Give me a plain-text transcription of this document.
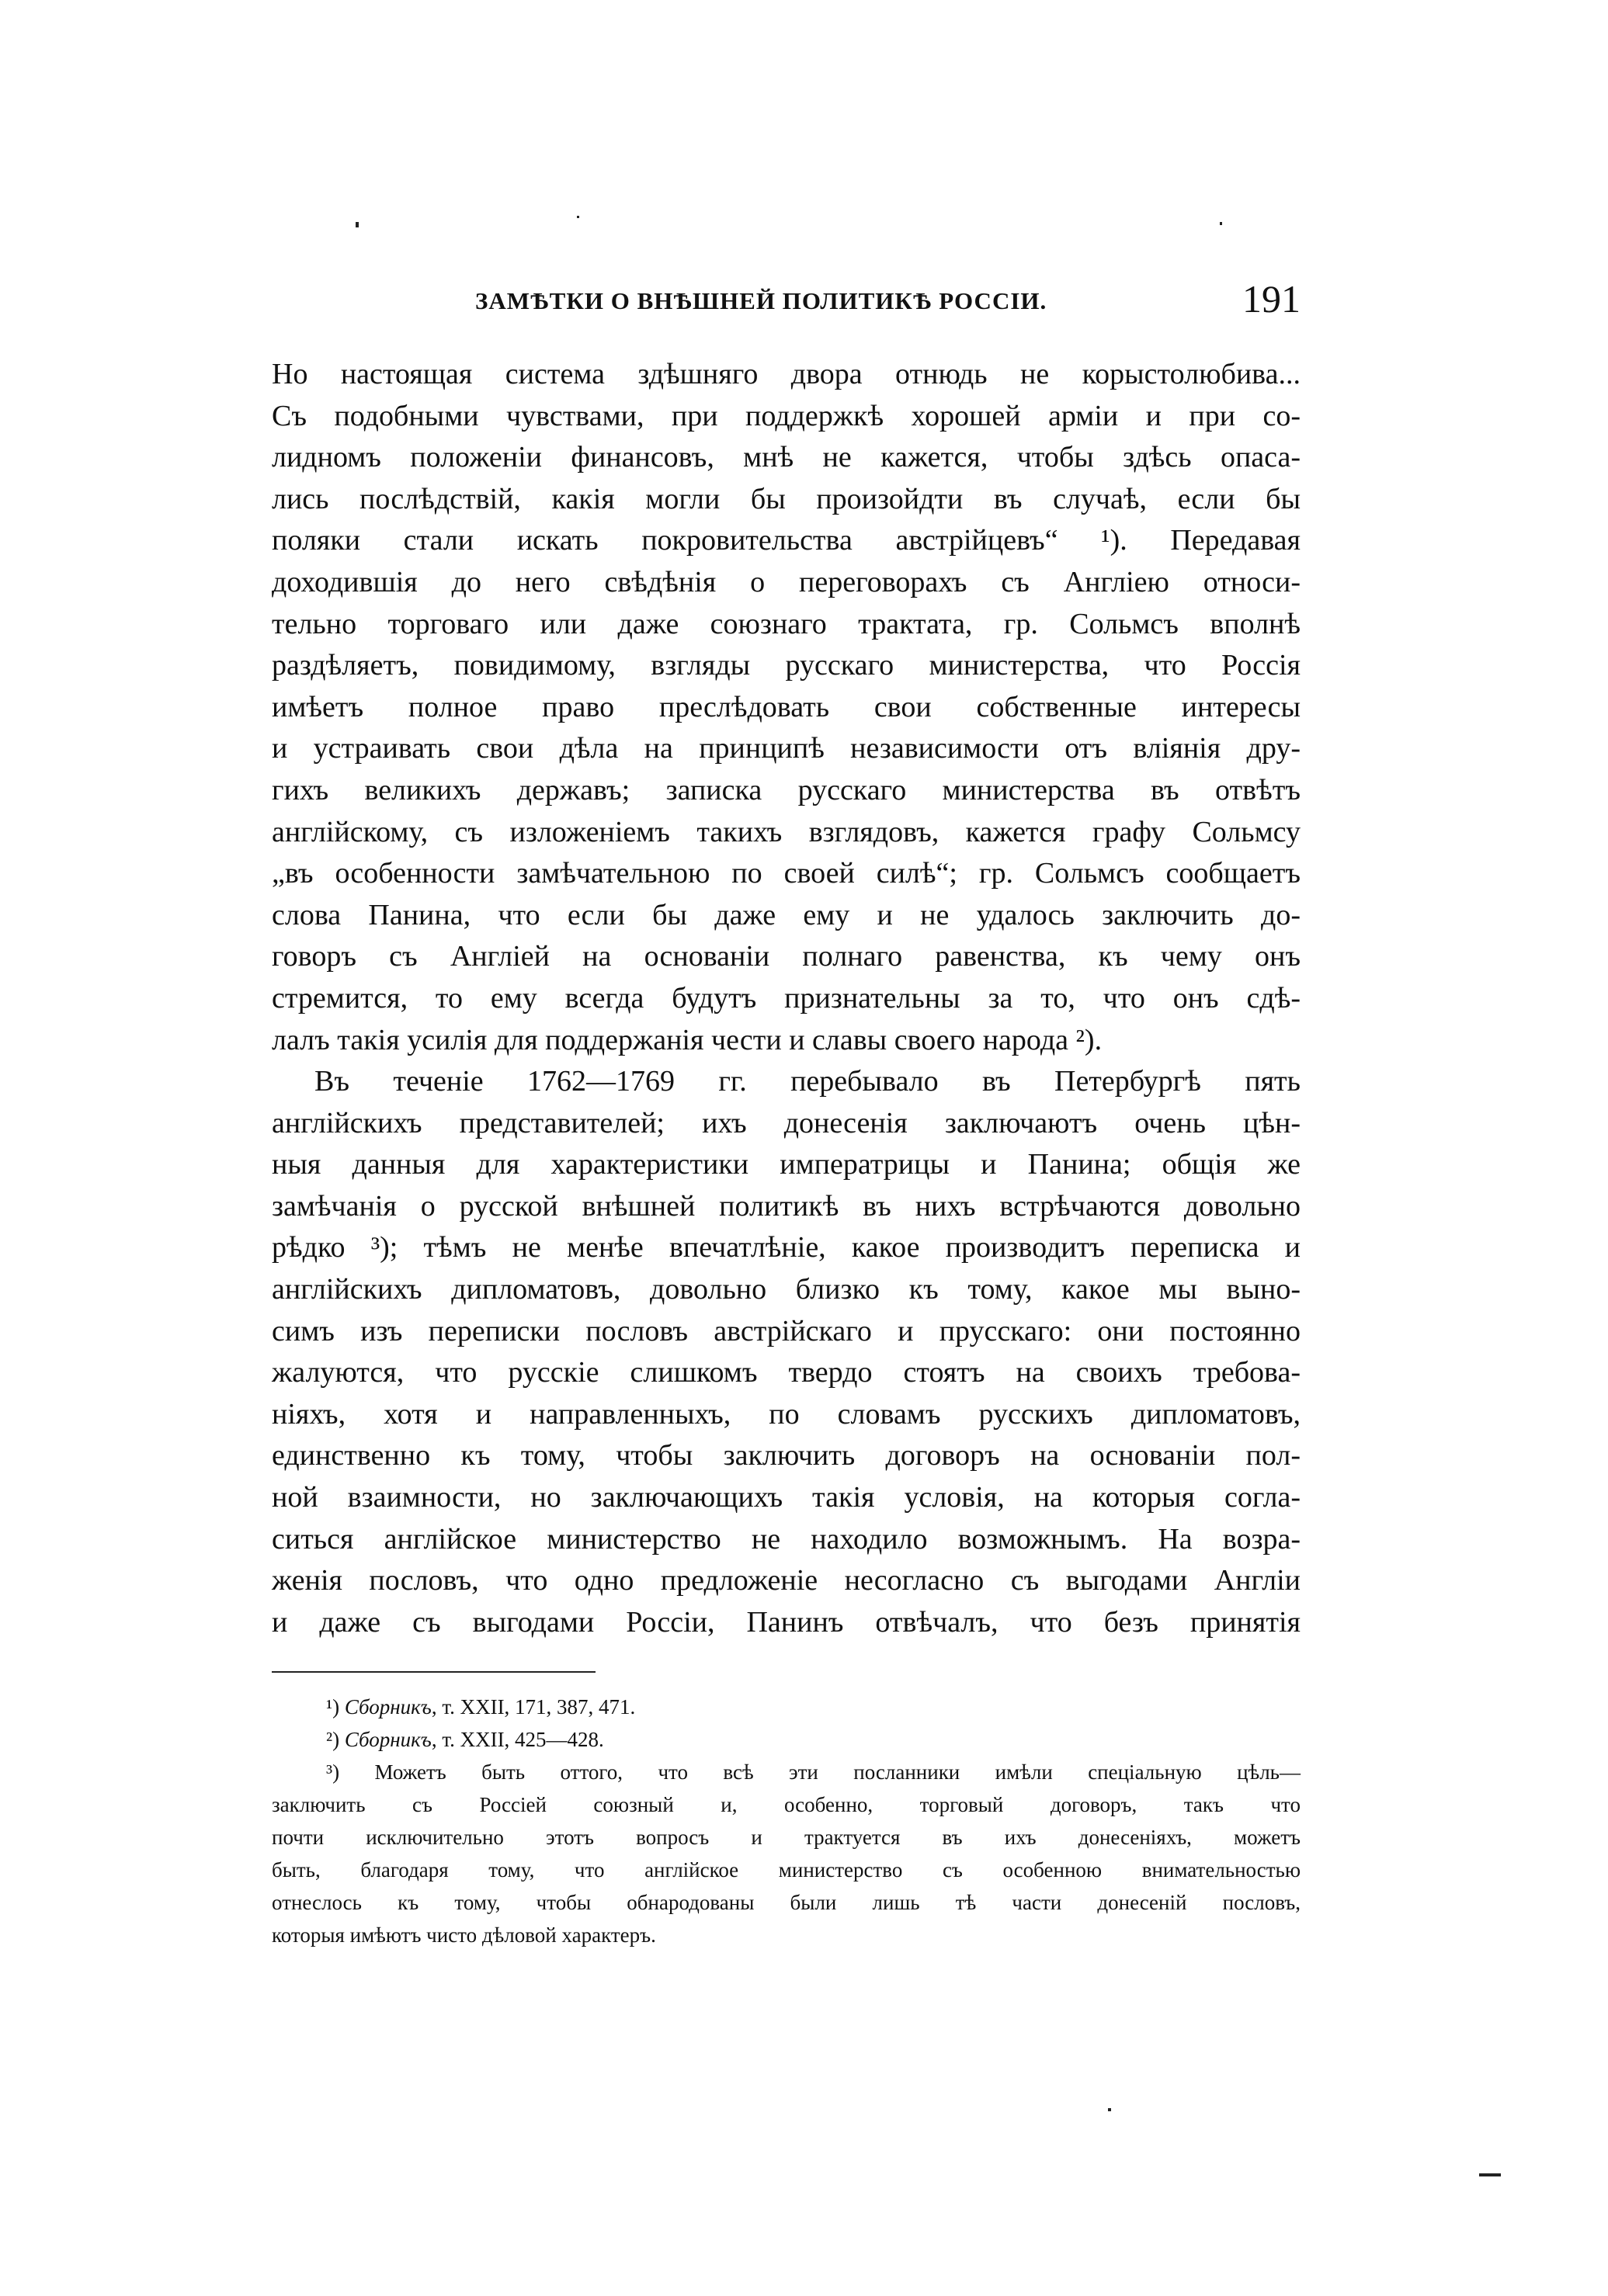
ЗАМѢТКИ О ВНѢШНЕЙ ПОЛИТИКѢ РОССІИ.	191
Но настоящая система здѣшняго двора отнюдь не корыстолюбива...
Съ подобными чувствами, при поддержкѣ хорошей арміи и при со-
лидномъ положеніи финансовъ, мнѣ не кажется, чтобы здѣсь опаса-
лись послѣдствій, какія могли бы произойдти въ случаѣ, если бы
поляки стали искать покровительства австрійцевъ“ ¹). Передавая
доходившія до него свѣдѣнія о переговорахъ съ Англіею относи-
тельно торговаго или даже союзнаго трактата, гр. Сольмсъ вполнѣ
раздѣляетъ, повидимому, взгляды русскаго министерства, что Россія
имѣетъ полное право преслѣдовать свои собственные интересы
и устраивать свои дѣла на принципѣ независимости отъ вліянія дру-
гихъ великихъ державъ; записка русскаго министерства въ отвѣтъ
англійскому, съ изложеніемъ такихъ взглядовъ, кажется графу Сольмсу
„въ особенности замѣчательною по своей силѣ“; гр. Сольмсъ сообщаетъ
слова Панина, что если бы даже ему и не удалось заключить до-
говоръ съ Англіей на основаніи полнаго равенства, къ чему онъ
стремится, то ему всегда будутъ признательны за то, что онъ сдѣ-
лалъ такія усилія для поддержанія чести и славы своего народа ²).
Въ теченіе 1762—1769 гг. перебывало въ Петербургѣ пять
англійскихъ представителей; ихъ донесенія заключаютъ очень цѣн-
ныя данныя для характеристики императрицы и Панина; общія же
замѣчанія о русской внѣшней политикѣ въ нихъ встрѣчаются довольно
рѣдко ³); тѣмъ не менѣе впечатлѣніе, какое производитъ переписка и
англійскихъ дипломатовъ, довольно близко къ тому, какое мы выно-
симъ изъ переписки пословъ австрійскаго и прусскаго: они постоянно
жалуются, что русскіе слишкомъ твердо стоятъ на своихъ требова-
ніяхъ, хотя и направленныхъ, по словамъ русскихъ дипломатовъ,
единственно къ тому, чтобы заключить договоръ на основаніи пол-
ной взаимности, но заключающихъ такія условія, на которыя согла-
ситься англійское министерство не находило возможнымъ. На возра-
женія пословъ, что одно предложеніе несогласно съ выгодами Англіи
и даже съ выгодами Россіи, Панинъ отвѣчалъ, что безъ принятія
¹) Сборникъ, т. XXII, 171, 387, 471.
²) Сборникъ, т. XXII, 425—428.
³) Можетъ быть оттого, что всѣ эти посланники имѣли спеціальную цѣль—
заключить съ Россіей союзный и, особенно, торговый договоръ, такъ что
почти исключительно этотъ вопросъ и трактуется въ ихъ донесеніяхъ, можетъ
быть, благодаря тому, что англійское министерство съ особенною внимательностью
отнеслось къ тому, чтобы обнародованы были лишь тѣ части донесеній пословъ,
которыя имѣютъ чисто дѣловой характеръ.
